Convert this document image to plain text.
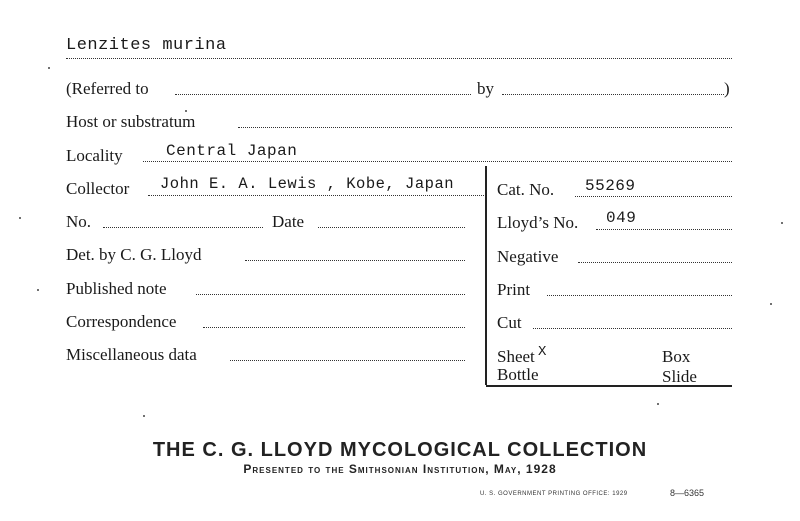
Lenzites murina
(Referred to	by	)
Host or substratum
Locality	Central Japan
Collector John E. A. Lewis , Kobe, Japan
No.	Date
Det. by C. G. Lloyd
Published note
Correspondence
Miscellaneous data
Cat. No. 55269
Lloyd’s No. 049
Negative
Print
Cut
Sheet X	Box
Bottle	Slide
THE C. G. LLOYD MYCOLOGICAL COLLECTION
Presented to the Smithsonian Institution, May, 1928
U. S. GOVERNMENT PRINTING OFFICE: 1929	8—6365
